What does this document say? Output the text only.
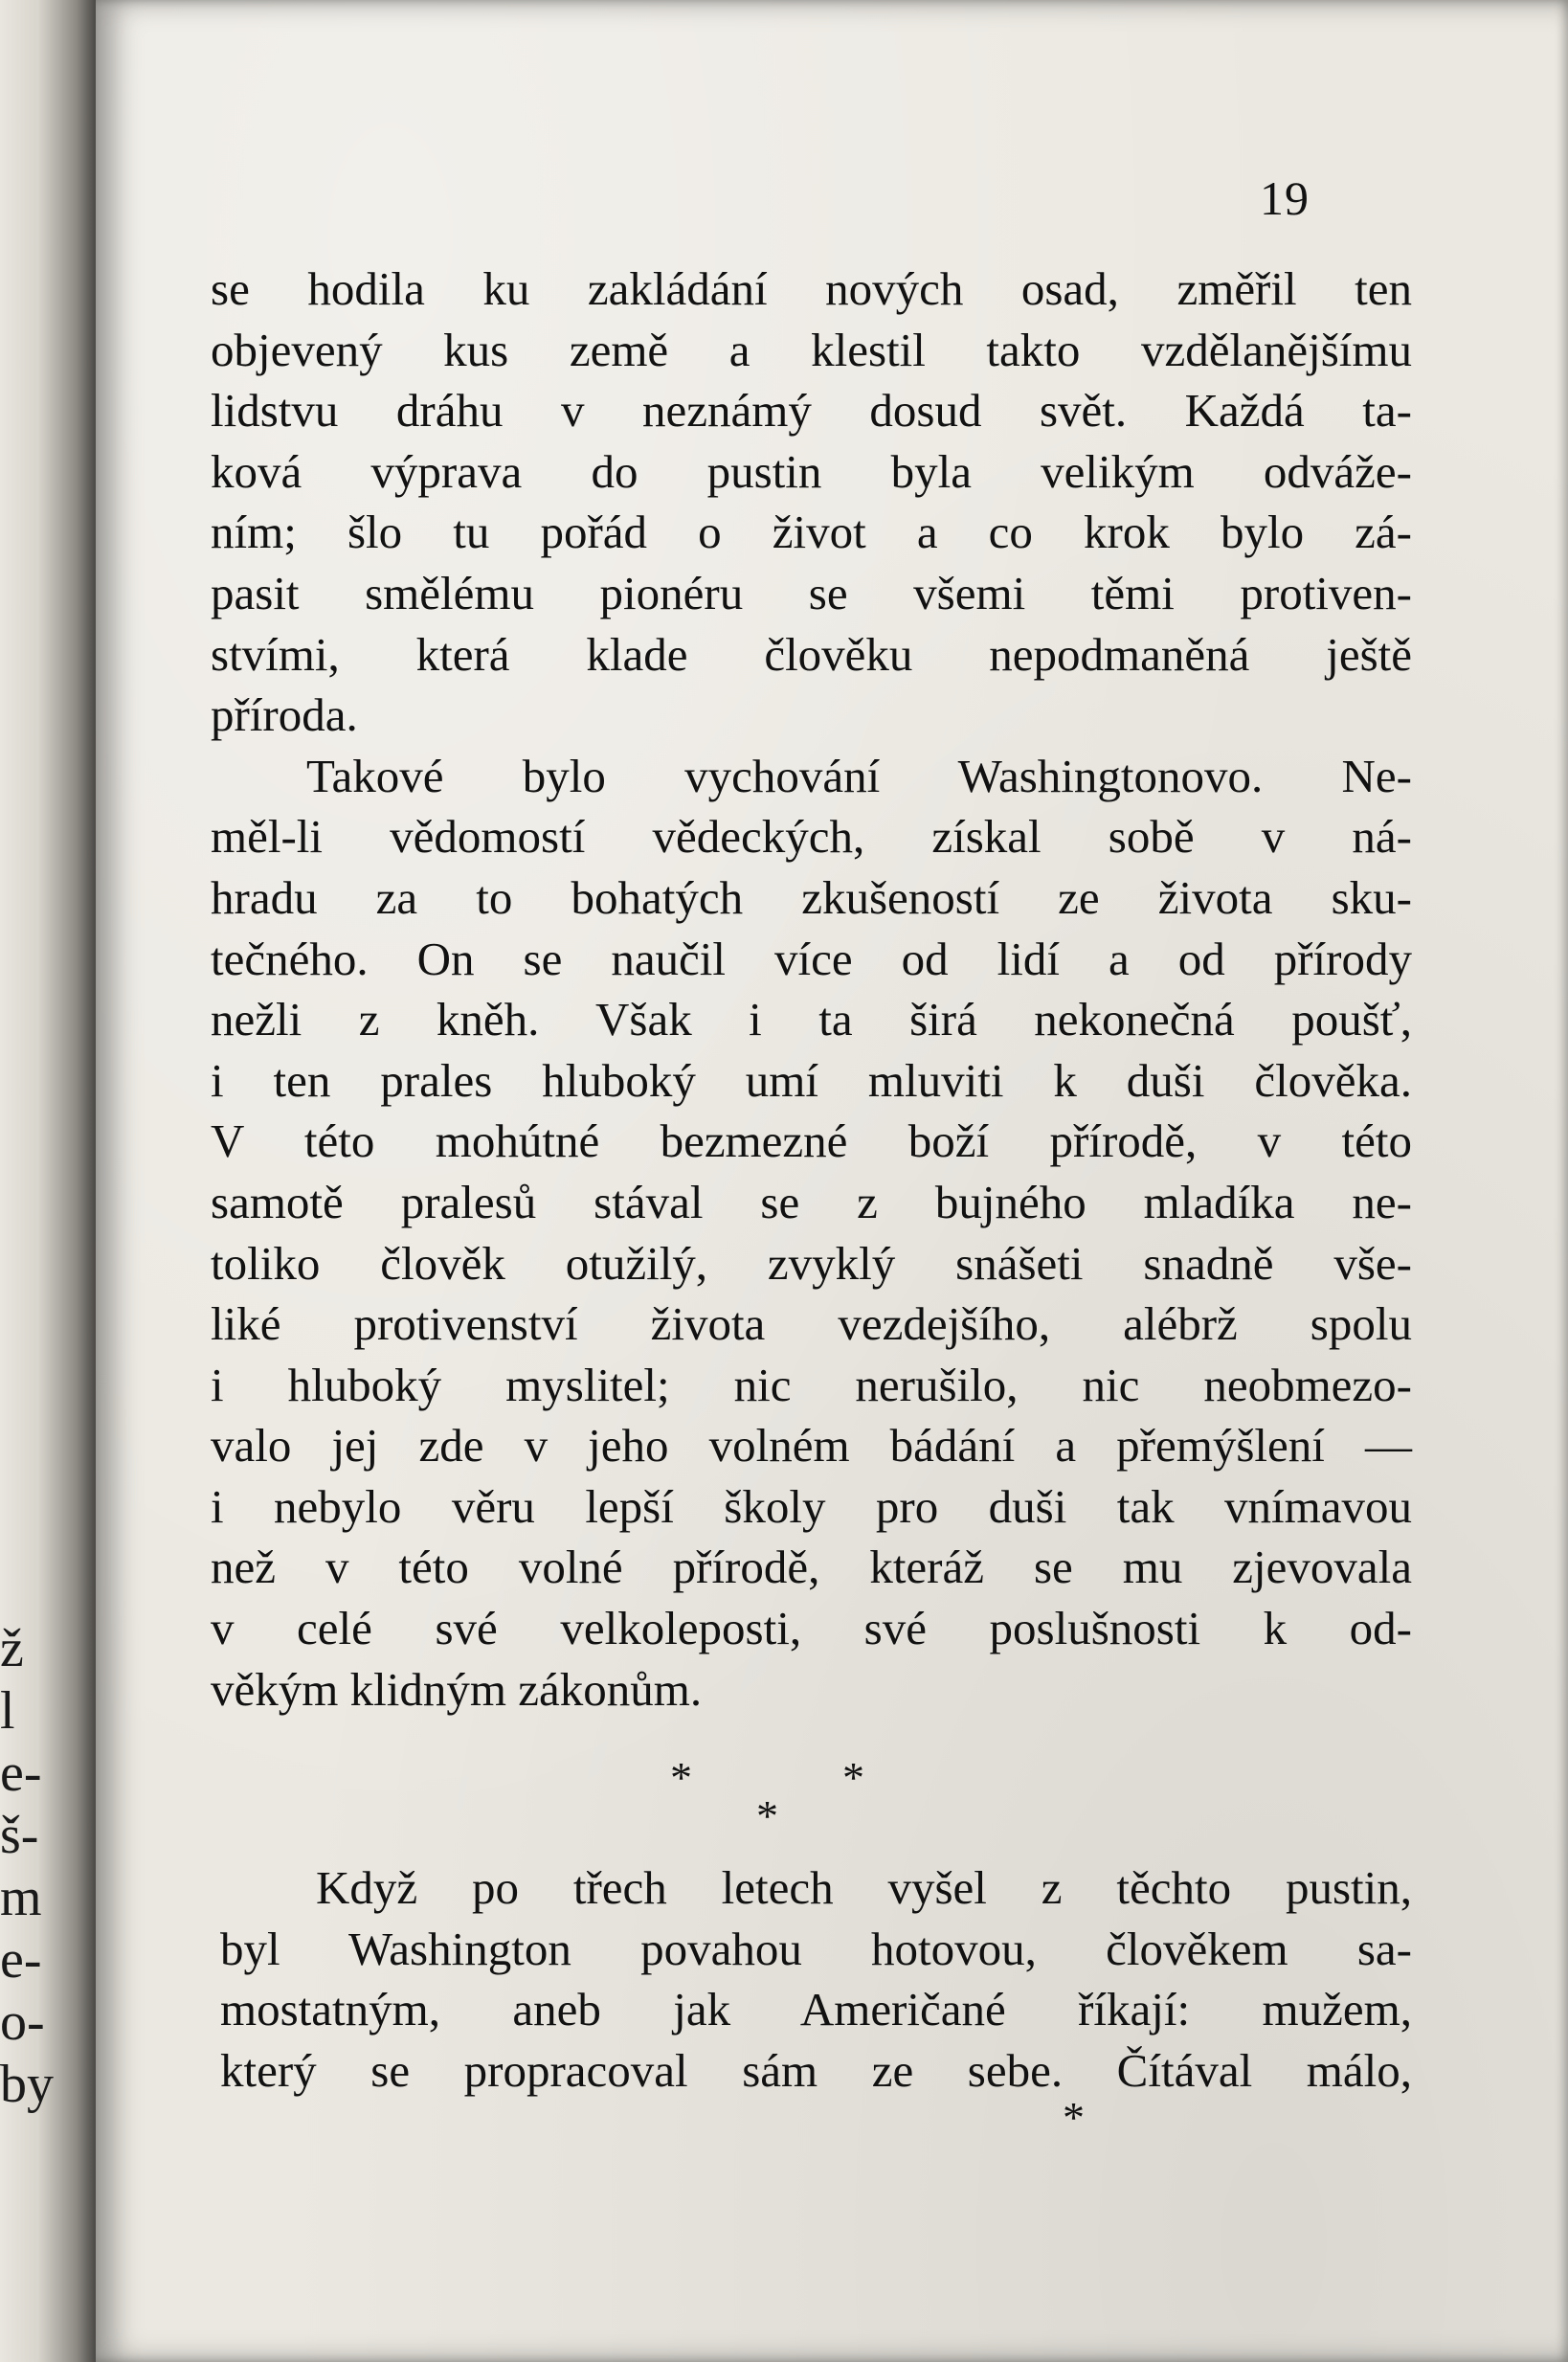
ž
l
e-
š-
m
e-
o-
by
19
se hodila ku zakládání nových osad, změřil ten
objevený kus země a klestil takto vzdělanějšímu
lidstvu dráhu v neznámý dosud svět. Každá ta-
ková výprava do pustin byla velikým odváže-
ním; šlo tu pořád o život a co krok bylo zá-
pasit smělému pionéru se všemi těmi protiven-
stvími, která klade člověku nepodmaněná ještě
příroda.
Takové bylo vychování Washingtonovo. Ne-
měl-li vědomostí vědeckých, získal sobě v ná-
hradu za to bohatých zkušeností ze života sku-
tečného. On se naučil více od lidí a od přírody
nežli z kněh. Však i ta širá nekonečná poušť,
i ten prales hluboký umí mluviti k duši člověka.
V této mohútné bezmezné boží přírodě, v této
samotě pralesů stával se z bujného mladíka ne-
toliko člověk otužilý, zvyklý snášeti snadně vše-
liké protivenství života vezdejšího, alébrž spolu
i hluboký myslitel; nic nerušilo, nic neobmezo-
valo jej zde v jeho volném bádání a přemýšlení —
i nebylo věru lepší školy pro duši tak vnímavou
než v této volné přírodě, kteráž se mu zjevovala
v celé své velkoleposti, své poslušnosti k od-
věkým klidným zákonům.
*	*
*
Když po třech letech vyšel z těchto pustin,
byl Washington povahou hotovou, člověkem sa-
mostatným, aneb jak Američané říkají: mužem,
který se propracoval sám ze sebe. Čítával málo,
*
